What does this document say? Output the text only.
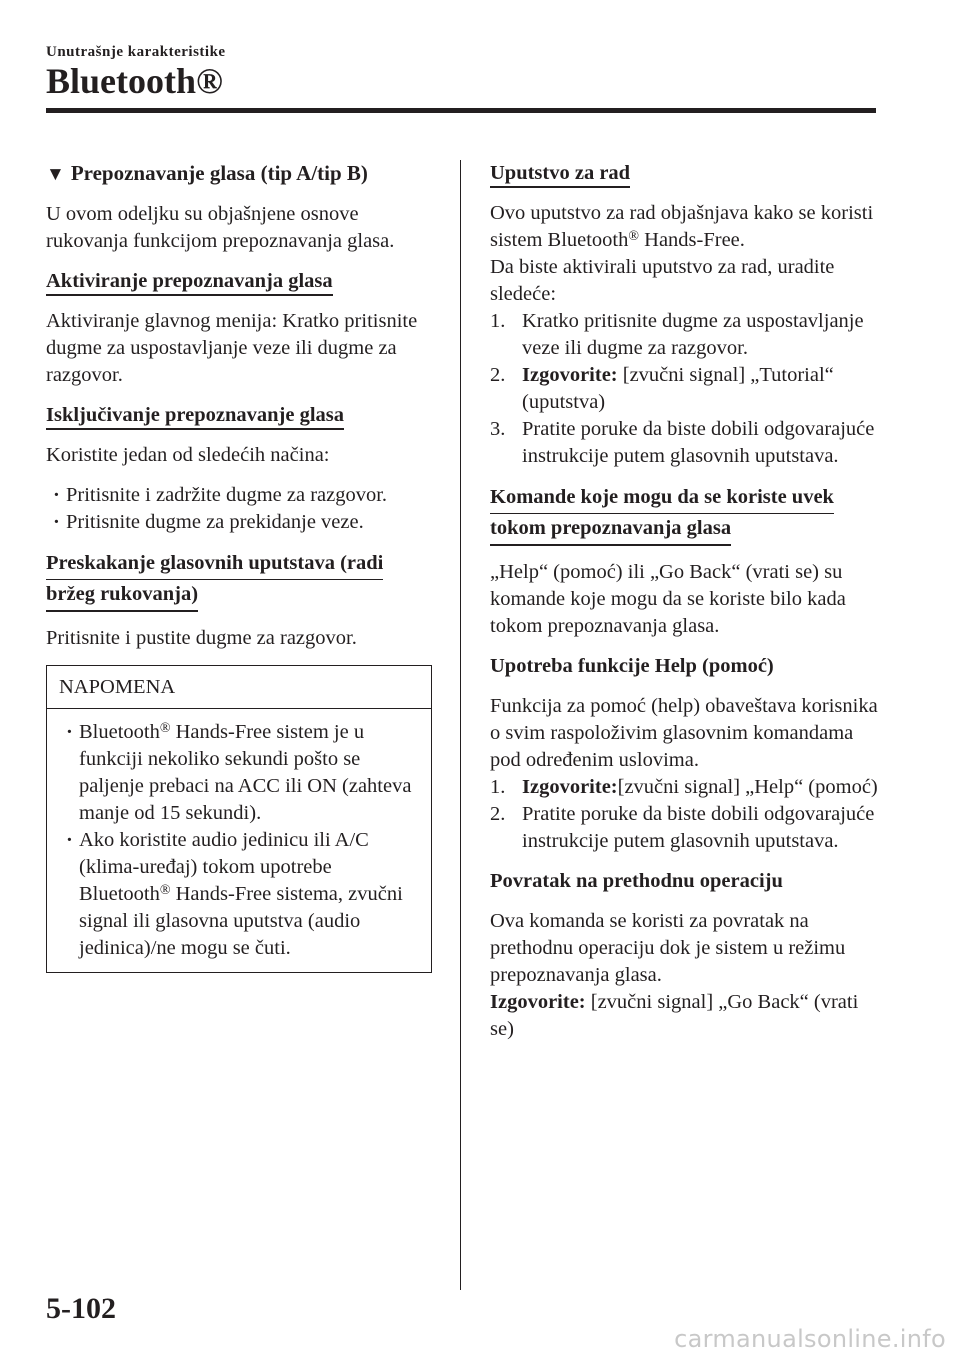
Unutrašnje karakteristike
Bluetooth®
▼ Prepoznavanje glasa (tip A/tip B)
U ovom odeljku su objašnjene osnove rukovanja funkcijom prepoznavanja glasa.
Aktiviranje prepoznavanja glasa
Aktiviranje glavnog menija: Kratko pritisnite dugme za uspostavljanje veze ili dugme za razgovor.
Isključivanje prepoznavanje glasa
Koristite jedan od sledećih načina:
· Pritisnite i zadržite dugme za razgovor.
· Pritisnite dugme za prekidanje veze.
Preskakanje glasovnih uputstava (radi
bržeg rukovanja)
Pritisnite i pustite dugme za razgovor.
NAPOMENA
· Bluetooth® Hands-Free sistem je u funkciji nekoliko sekundi pošto se paljenje prebaci na ACC ili ON (zahteva manje od 15 sekundi).
· Ako koristite audio jedinicu ili A/C (klima-uređaj) tokom upotrebe Bluetooth® Hands-Free sistema, zvučni signal ili glasovna uputstva (audio jedinica)/ne mogu se čuti.
Uputstvo za rad
Ovo uputstvo za rad objašnjava kako se koristi sistem Bluetooth® Hands-Free.
Da biste aktivirali uputstvo za rad, uradite sledeće:
1. Kratko pritisnite dugme za uspostavljanje veze ili dugme za razgovor.
2. Izgovorite: [zvučni signal] „Tutorial“ (uputstva)
3. Pratite poruke da biste dobili odgovarajuće instrukcije putem glasovnih uputstava.
Komande koje mogu da se koriste uvek
tokom prepoznavanja glasa
„Help“ (pomoć) ili „Go Back“ (vrati se) su komande koje mogu da se koriste bilo kada tokom prepoznavanja glasa.
Upotreba funkcije Help (pomoć)
Funkcija za pomoć (help) obaveštava korisnika o svim raspoloživim glasovnim komandama pod određenim uslovima.
1. Izgovorite:[zvučni signal] „Help“ (pomoć)
2. Pratite poruke da biste dobili odgovarajuće instrukcije putem glasovnih uputstava.
Povratak na prethodnu operaciju
Ova komanda se koristi za povratak na prethodnu operaciju dok je sistem u režimu prepoznavanja glasa.
Izgovorite: [zvučni signal] „Go Back“ (vrati se)
5-102
carmanualsonline.info
